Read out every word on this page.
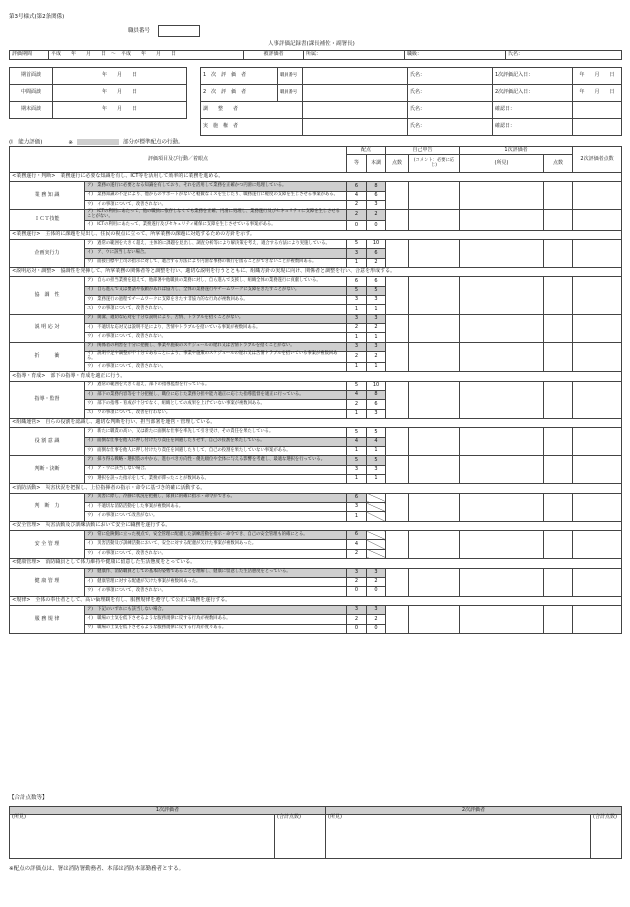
第3号様式(第2条関係)
職員番号
人事評価記録書(課長補佐・副署長)
評価期間	平成　　年　　月　　日　～　平成　　年　　月　　日	被評価者	所属：	職級：	氏名：
期首面談	年　　月　　日
中間面談	年　　月　　日
期末面談	年　　月　　日
1　次　評　価　者	職員番号		氏名：	1次評価記入日：	年　　月　　日
2　次　評　価　者	職員番号		氏名：	2次評価記入日：	年　　月　　日
調　　整　　者			氏名：	確認日：	
実　施　権　者			氏名：	確認日：	
(Ⅰ　能力評価)	※	部分が標準配点の行動。
評価項目及び行動／着眼点		配点		自己申告		1次評価者		2次評価者点数
		等	本調	点数	(コメント：必要に応じ)	(所見)	点数	
<業務遂行・判断>　業務遂行に必要な知識を有し、ICT等を活用して効率的に業務を進める。								
業 務 知 識	ア)　業務の遂行に必要となる知識を有しており、それを活用して業務を正確かつ円滑に処理している。	6	8					
	イ)　業務知識の不足により、他からのサポートがないと軽微なミスを生じたり、職務遂行に軽度の支障を生じさせる事案がある。	4	6					
	ウ)　イの事項について、改善されない。	2	3					
ＩＣＴ技能	ア)　ICTの利用にあたって、他の職員に依存しなくても業務を正確、円滑に処理し、業務遂行及びセキュリティに支障を生じさせることがない。	2	2					
	イ)　ICTの利用にあたって、業務遂行及びセキュリティ確保に支障を生じさせている事案がある。	0	0					
<業務遂行>　主体的に課題を見出し、住民の視点に立って、所掌業務の課題に対処するための方針を示す。								
企画実行力	ア)　過常の範囲を大きく超え、主体的に課題を見出し、調査分析等により解決策を考え、適合する方法により実施している。	5	10					
	イ)　ア、ウに該当しない場合。	3	6					
	ウ)　面接目標や上司の指示に対して、適合する方法により円滑な事務の執行を図ることができないことが複数回ある。	1	2					
<説明応対・調整>　協調性を発揮して、所掌業務の関係者等と調整を行い、適切な説明を行うとともに、組織方針の実現に向け、関係者と調整を行い、合意を形成する。								
協　調　性	ア)　自らの担当業務を超えて、他部署や他職員の業務に対し、自ら進んで支援し、組織全体の業務遂行に貢献している。	6	6					
	イ)　自ら進んで又は要請や依頼があれば協力し、全体の業務遂行やチームワークに支障をきたすことがない。	5	5					
	ウ)　業務遂行の過程でチームワークに支障をきたす非協力的な行為が複数回ある。	3	3					
	エ)　ウの事項について、改善されない。	1	1					
説 明 応 対	ア)　簡潔、適切な応対を十分な説明により、苦情、トラブルを招くことがない。	3	3					
	イ)　不適切な応対又は説明不足により、苦情やトラブルを招いている事案が複数回ある。	2	2					
	ウ)　イの事項について、改善されない。	1	1					
折　　　衝	ア)　関係者の利害を十分に把握し、事業や施策のスケジュールの遅れ又は苦情トラブルを招くことがない。	3	3					
	イ)　説明不足や調整が不十分であることにより、事業や施策のスケジュールの遅れ又は苦情トラブルを招いている事案が複数回ある。	2	2					
	ウ)　イの事項について、改善されない。	1	1					
<指導・育成>　部下の指導・育成を適正に行う。								
指導・監督	ア)　過常の範囲を大きく超え、部下の指導監督を行っている。	5	10					
	イ)　部下の業務内容等を十分把握し、職位に応じた業務分担や能力適正に応じた指導監督を適正に行っている。	4	8					
	ウ)　部下の指導・育成が十分でなく、組織としての成果を上げていない事案が複数回ある。	2	6					
	エ)　ウの事項について、改善を行わない。	1	3					
<組織運営>　自らの役割を認識し、適切な判断を行い、担当部署を運営・管理している。								
役 割 意 識	ア)　新たに職責の高い、又は新たに面倒な仕事を率先して引き受け、その責任を果たしている。	5	5					
	イ)　面倒な仕事を他人に押し付けたり責任を回避したりせず、自己の役割を果たしている。	4	4					
	ウ)　面倒な仕事を他人に押し付けたり責任を回避したりして、自己の役割を果たしていない事案がある。	1	1					
判断・決断	ア)　採り得る戦略・選択肢の中から、進むべき方向性・優先順位や全体に与える影響を考慮し、最適な選択を行っている。	5	5					
	イ)　ア・ウに該当しない場合。	3	3					
	ウ)　選択を誤った指示をして、業務が滞ったことが数回ある。	1	1					
<消防活動>　災害状況を把握し、上位指揮者の指示・命令に基づき的確に活動する。								
判　断　力	ア)　災害に際し、冷静に状況を把握し、隊員に的確に指示・命令ができる。	6						
	イ)　不適切な消防活動をした事案が複数回ある。	3						
	ウ)　イの事項について改善がない。	1						
<安全管理>　災害活動及び訓練活動において安全に職務を遂行する。								
安 全 管 理	ア)　常に危険側に立った視点で、安全管理に配慮した訓練活動を指示・命令でき、自己の安全管理も的確にとる。	6						
	イ)　災害活動及び訓練活動において、安全に対する配慮が欠けた事案が複数回あった。	4						
	ウ)　イの事項について、改善されない。	2						
<健康管理>　消防職員として体力維持や健康に留意した生活態度をとっている。								
健 康 管 理	ア)　健康作、消防職員としての基本的姿勢であることを理解し、健康に留意した生活態度をとっている。	3	3					
	イ)　健康管理に対する配慮が欠けた事案が複数回あった。	2	2					
	ウ)　イの事項について、改善されない。	0	0					
<規律>　全体の奉仕者として、高い倫理観を有し、服務規律を遵守して公正に職務を遂行する。								
服 務 規 律	ア)　下記のいずれにも該当しない場合。	3	3					
	イ)　職場の士気を低下させるような服務規律に反する行為が複数回ある。	2	2					
	ウ)　職場の士気を低下させるような服務規律に反する行為が度々ある。	0	0					
【合計点数等】
1次評価者		2次評価者	
(所見)	(合計点数)	(所見)	(合計点数)
※配点の評価点は、署は消防署勤務者、本部は消防本部勤務者とする。
